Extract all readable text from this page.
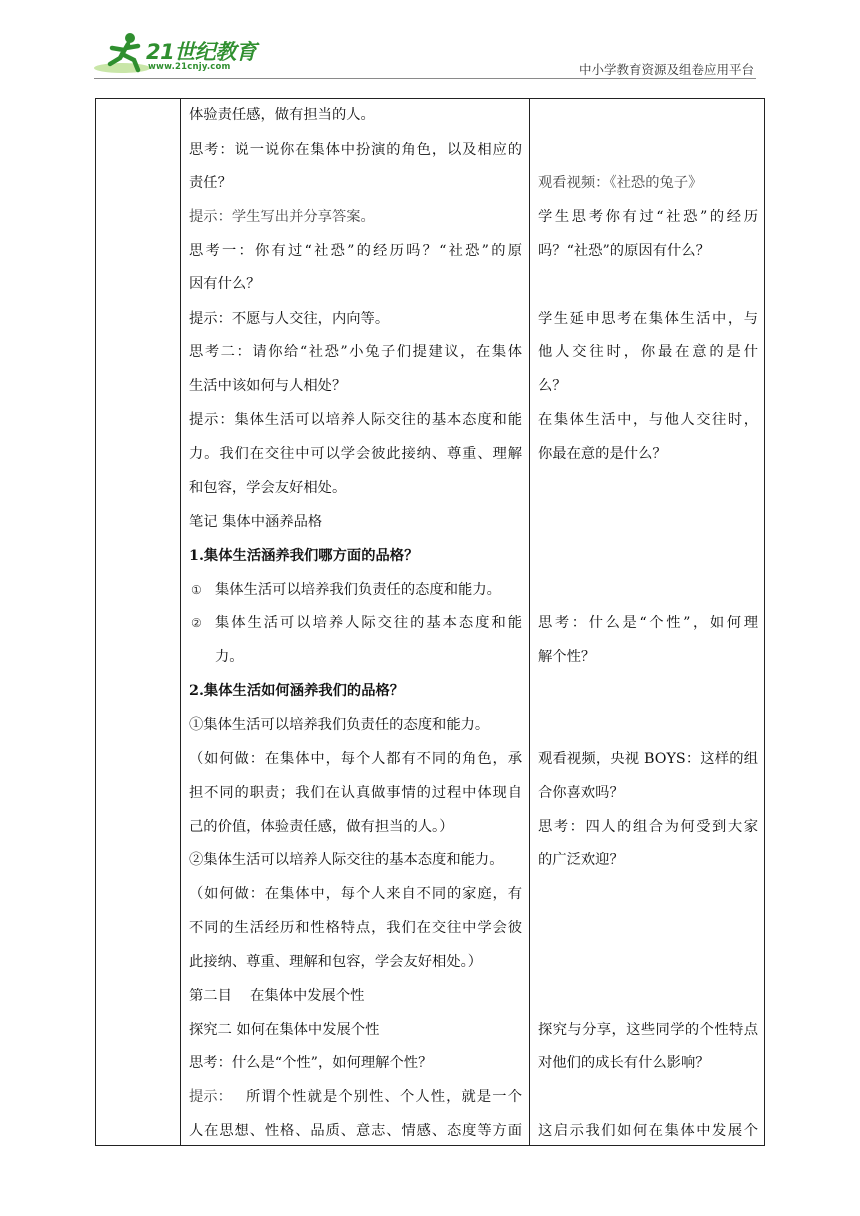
21世纪教育
www.21cnjy.com	中小学教育资源及组卷应用平台
体验责任感，做有担当的人。
思考：说一说你在集体中扮演的角色，以及相应的
责任？
提示：学生写出并分享答案。
思考一：你有过“社恐”的经历吗？“社恐”的原
因有什么？
提示：不愿与人交往，内向等。
思考二：请你给“社恐”小兔子们提建议，在集体
生活中该如何与人相处？
提示：集体生活可以培养人际交往的基本态度和能
力。我们在交往中可以学会彼此接纳、尊重、理解
和包容，学会友好相处。
笔记 集体中涵养品格
1.集体生活涵养我们哪方面的品格？
① 集体生活可以培养我们负责任的态度和能力。
② 集体生活可以培养人际交往的基本态度和能
力。
2.集体生活如何涵养我们的品格？
①集体生活可以培养我们负责任的态度和能力。
（如何做：在集体中，每个人都有不同的角色，承
担不同的职责；我们在认真做事情的过程中体现自
己的价值，体验责任感，做有担当的人。）
②集体生活可以培养人际交往的基本态度和能力。
（如何做：在集体中，每个人来自不同的家庭，有
不同的生活经历和性格特点，我们在交往中学会彼
此接纳、尊重、理解和包容，学会友好相处。）
第二目    在集体中发展个性
探究二 如何在集体中发展个性
思考：什么是“个性”，如何理解个性？
提示： 所谓个性就是个别性、个人性，就是一个
人在思想、性格、品质、意志、情感、态度等方面
观看视频：《社恐的兔子》
学生思考你有过“社恐”的经历
吗？“社恐”的原因有什么？
学生延申思考在集体生活中，与
他人交往时，你最在意的是什
么？
在集体生活中，与他人交往时，
你最在意的是什么？
思考：什么是“个性”，如何理
解个性？
观看视频，央视 BOYS：这样的组
合你喜欢吗？
思考：四人的组合为何受到大家
的广泛欢迎？
探究与分享，这些同学的个性特点
对他们的成长有什么影响？
这启示我们如何在集体中发展个
